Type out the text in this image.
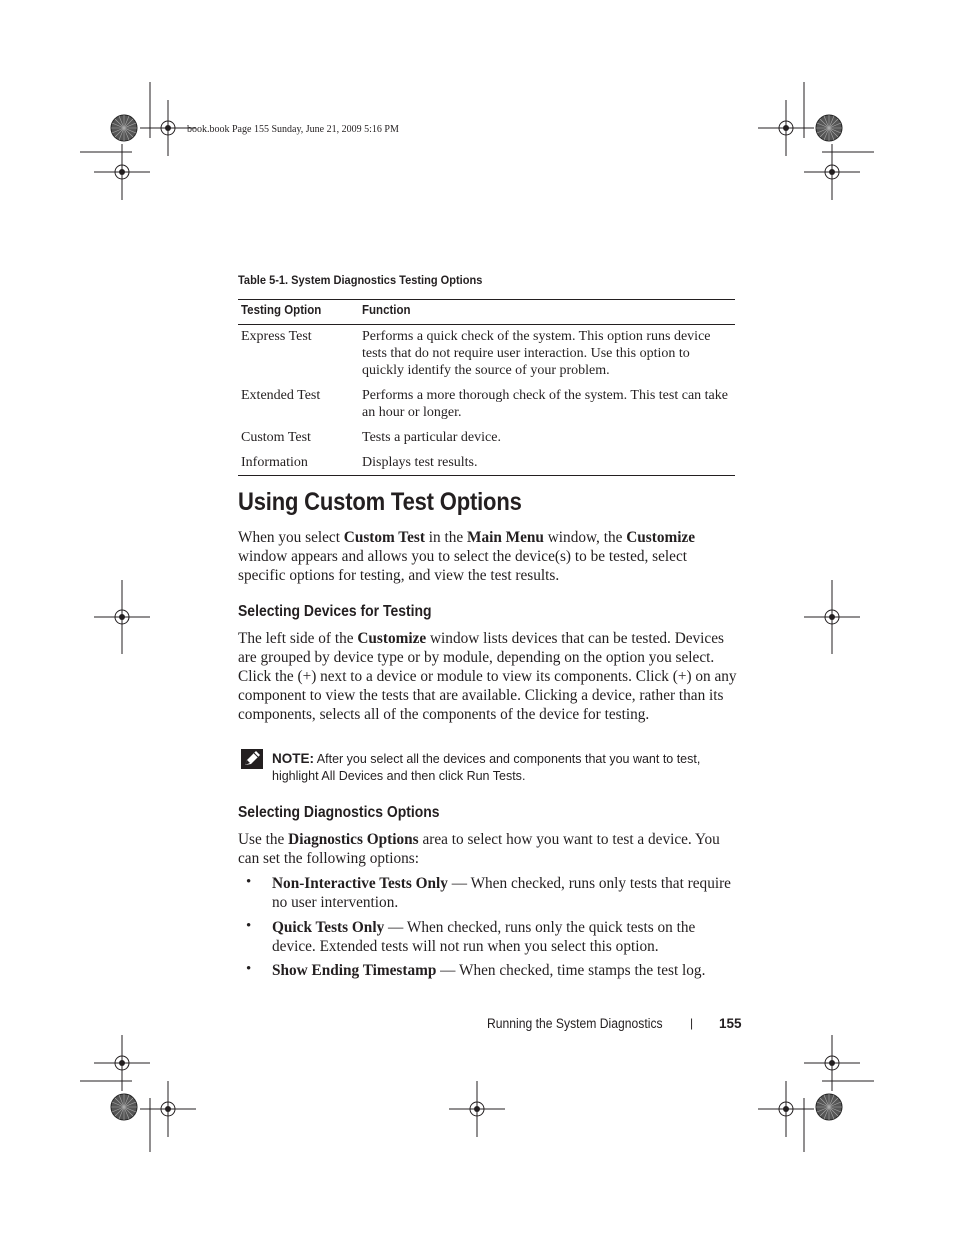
book.book Page 155 Sunday, June 21, 2009 5:16 PM
Table 5-1. System Diagnostics Testing Options
Testing Option	Function
Express Test	Performs a quick check of the system. This option runs device tests that do not require user interaction. Use this option to quickly identify the source of your problem.
Extended Test	Performs a more thorough check of the system. This test can take an hour or longer.
Custom Test	Tests a particular device.
Information	Displays test results.
Using Custom Test Options
When you select Custom Test in the Main Menu window, the Customize window appears and allows you to select the device(s) to be tested, select specific options for testing, and view the test results.
Selecting Devices for Testing
The left side of the Customize window lists devices that can be tested. Devices are grouped by device type or by module, depending on the option you select. Click the (+) next to a device or module to view its components. Click (+) on any component to view the tests that are available. Clicking a device, rather than its components, selects all of the components of the device for testing.
NOTE: After you select all the devices and components that you want to test, highlight All Devices and then click Run Tests.
Selecting Diagnostics Options
Use the Diagnostics Options area to select how you want to test a device. You can set the following options:
• Non-Interactive Tests Only — When checked, runs only tests that require no user intervention.
• Quick Tests Only — When checked, runs only the quick tests on the device. Extended tests will not run when you select this option.
• Show Ending Timestamp — When checked, time stamps the test log.
Running the System Diagnostics | 155
